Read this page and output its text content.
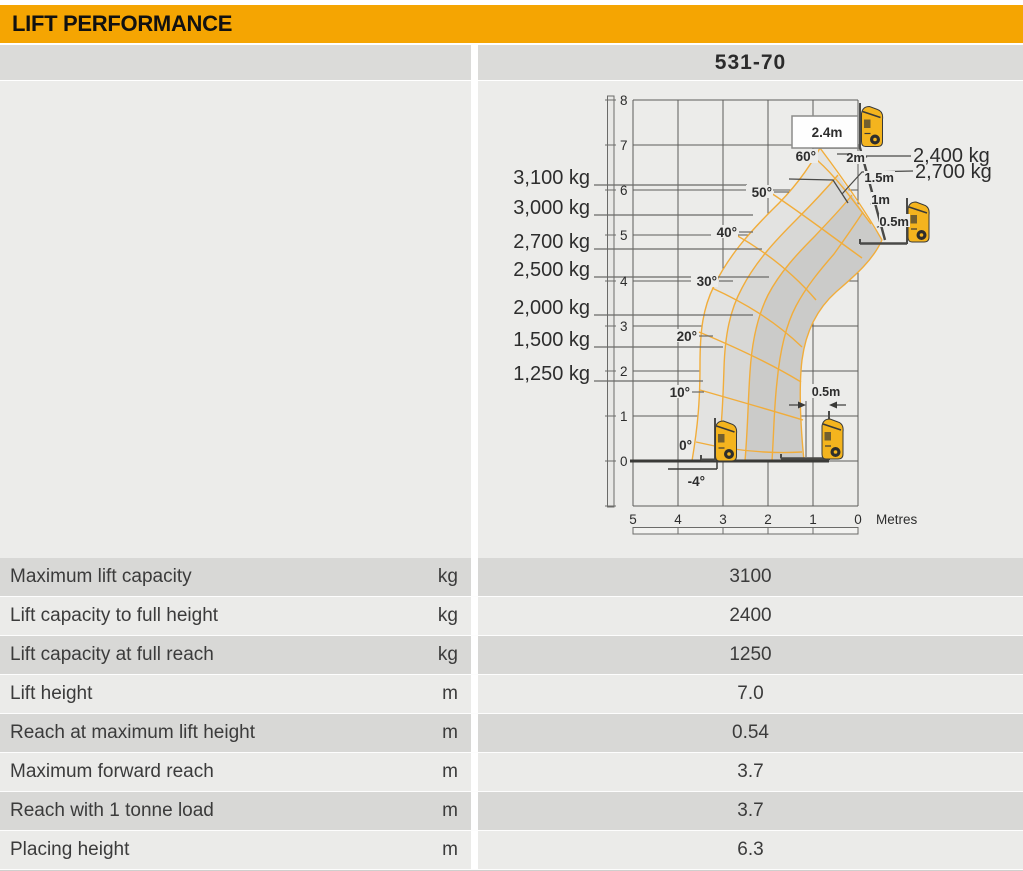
LIFT PERFORMANCE
531-70
0.5m
2.4m
8
7
6
5
4
3
2
1
0
5	4	3	2	1	0 Metres
3,100 kg
3,000 kg
2,700 kg
2,500 kg
2,000 kg
1,500 kg
1,250 kg
60°
50°
40°
30°
20°
10°
0°
-4°
2m
1.5m
1m
0.5m
2,400 kg
2,700 kg
Maximum lift capacity	kg	3100
Lift capacity to full height	kg	2400
Lift capacity at full reach	kg	1250
Lift height	m	7.0
Reach at maximum lift height	m	0.54
Maximum forward reach	m	3.7
Reach with 1 tonne load	m	3.7
Placing height	m	6.3
